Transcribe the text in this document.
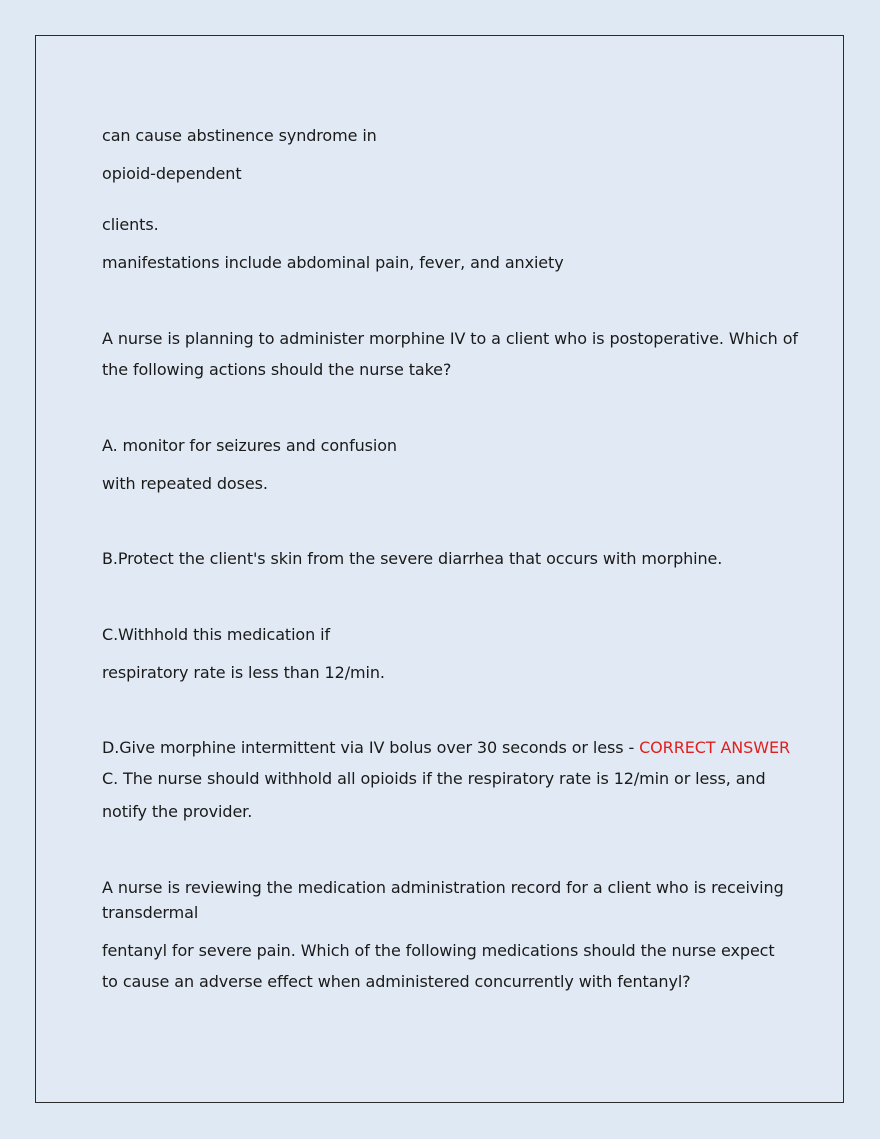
can cause abstinence syndrome in
opioid-dependent
clients.
manifestations include abdominal pain, fever, and anxiety
A nurse is planning to administer morphine IV to a client who is postoperative. Which of
the following actions should the nurse take?
A. monitor for seizures and confusion
with repeated doses.
B.Protect the client's skin from the severe diarrhea that occurs with morphine.
C.Withhold this medication if
respiratory rate is less than 12/min.
D.Give morphine intermittent via IV bolus over 30 seconds or less - CORRECT ANSWER
C. The nurse should withhold all opioids if the respiratory rate is 12/min or less, and
notify the provider.
A nurse is reviewing the medication administration record for a client who is receiving
transdermal
fentanyl for severe pain. Which of the following medications should the nurse expect
to cause an adverse effect when administered concurrently with fentanyl?
